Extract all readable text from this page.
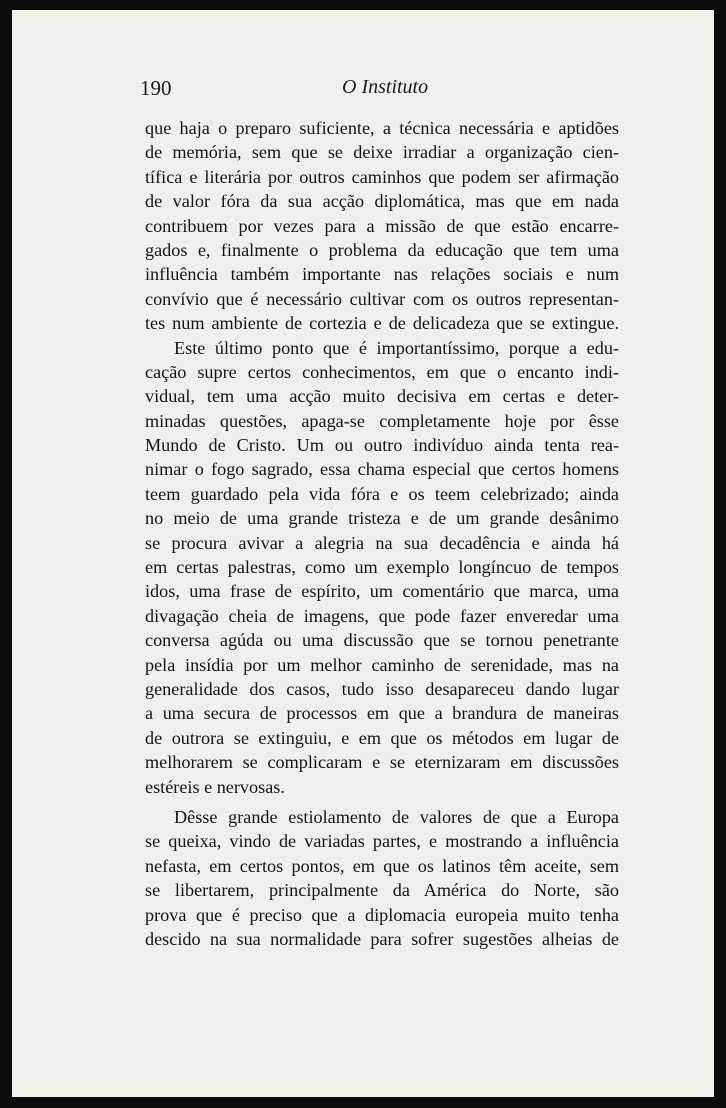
190	O Instituto
que haja o preparo suficiente, a técnica necessária e aptidões
de memória, sem que se deixe irradiar a organização cien-
tífica e literária por outros caminhos que podem ser afirmação
de valor fóra da sua acção diplomática, mas que em nada
contribuem por vezes para a missão de que estão encarre-
gados e, finalmente o problema da educação que tem uma
influência também importante nas relações sociais e num
convívio que é necessário cultivar com os outros representan-
tes num ambiente de cortezia e de delicadeza que se extingue.
Este último ponto que é importantíssimo, porque a edu-
cação supre certos conhecimentos, em que o encanto indi-
vidual, tem uma acção muito decisiva em certas e deter-
minadas questões, apaga-se completamente hoje por êsse
Mundo de Cristo. Um ou outro indivíduo ainda tenta rea-
nimar o fogo sagrado, essa chama especial que certos homens
teem guardado pela vida fóra e os teem celebrizado; ainda
no meio de uma grande tristeza e de um grande desânimo
se procura avivar a alegria na sua decadência e ainda há
em certas palestras, como um exemplo longíncuo de tempos
idos, uma frase de espírito, um comentário que marca, uma
divagação cheia de imagens, que pode fazer enveredar uma
conversa agúda ou uma discussão que se tornou penetrante
pela insídia por um melhor caminho de serenidade, mas na
generalidade dos casos, tudo isso desapareceu dando lugar
a uma secura de processos em que a brandura de maneiras
de outrora se extinguiu, e em que os métodos em lugar de
melhorarem se complicaram e se eternizaram em discussões
estéreis e nervosas.
Dêsse grande estiolamento de valores de que a Europa
se queixa, vindo de variadas partes, e mostrando a influência
nefasta, em certos pontos, em que os latinos têm aceite, sem
se libertarem, principalmente da América do Norte, são
prova que é preciso que a diplomacia europeia muito tenha
descido na sua normalidade para sofrer sugestões alheias de
